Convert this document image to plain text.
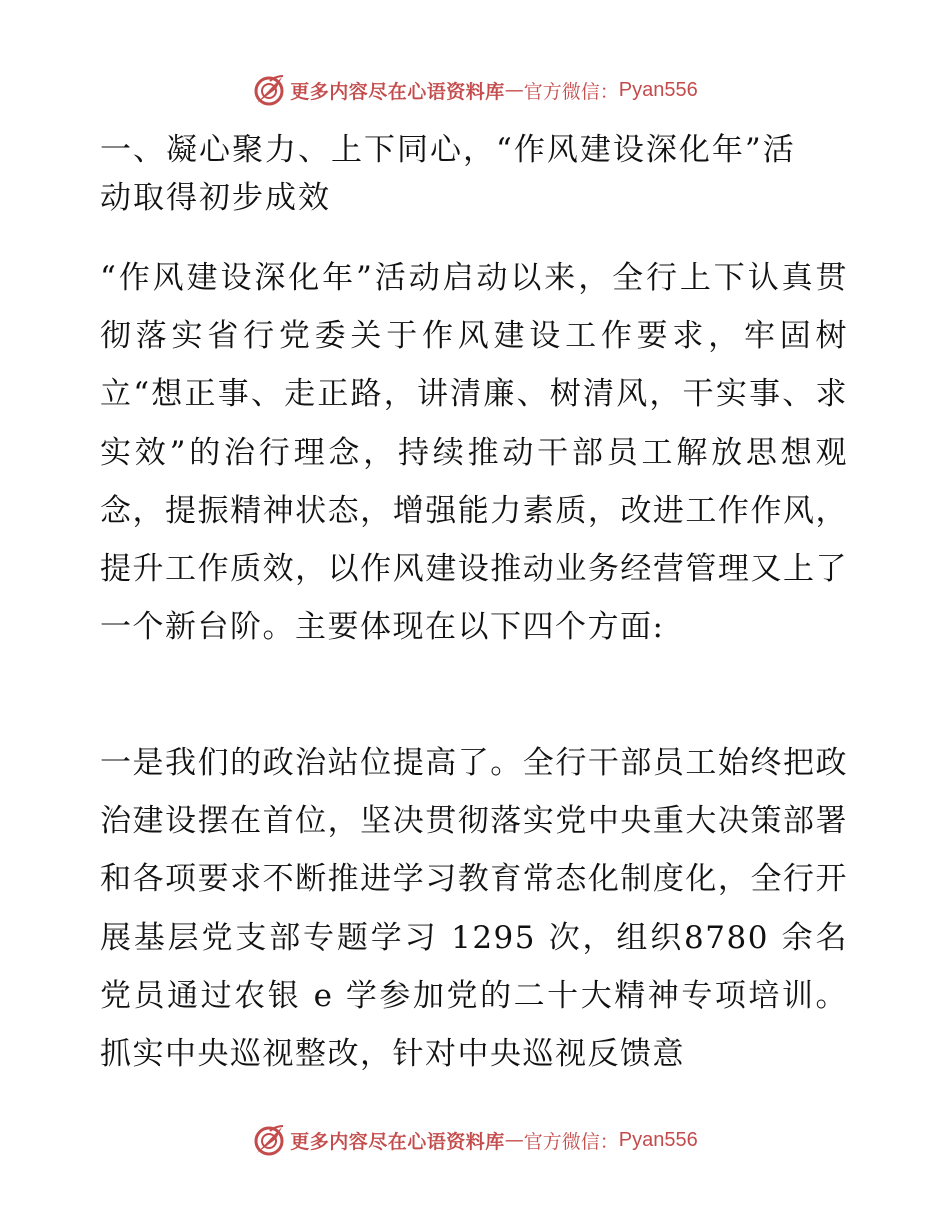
更多内容尽在心语资料库 — 官方微信： Pyan556
一、凝心聚力、上下同心，“作风建设深化年”活动取得初步成效

“作风建设深化年”活动启动以来，全行上下认真贯彻落实省行党委关于作风建设工作要求，牢固树立“想正事、走正路，讲清廉、树清风，干实事、求实效”的治行理念，持续推动干部员工解放思想观念，提振精神状态，增强能力素质，改进工作作风，提升工作质效，以作风建设推动业务经营管理又上了一个新台阶。主要体现在以下四个方面:

一是我们的政治站位提高了。全行干部员工始终把政治建设摆在首位，坚决贯彻落实党中央重大决策部署和各项要求不断推进学习教育常态化制度化，全行开展基层党支部专题学习 1295 次，组织8780 余名党员通过农银 e 学参加党的二十大精神专项培训。抓实中央巡视整改，针对中央巡视反馈意

更多内容尽在心语资料库 — 官方微信： Pyan556
